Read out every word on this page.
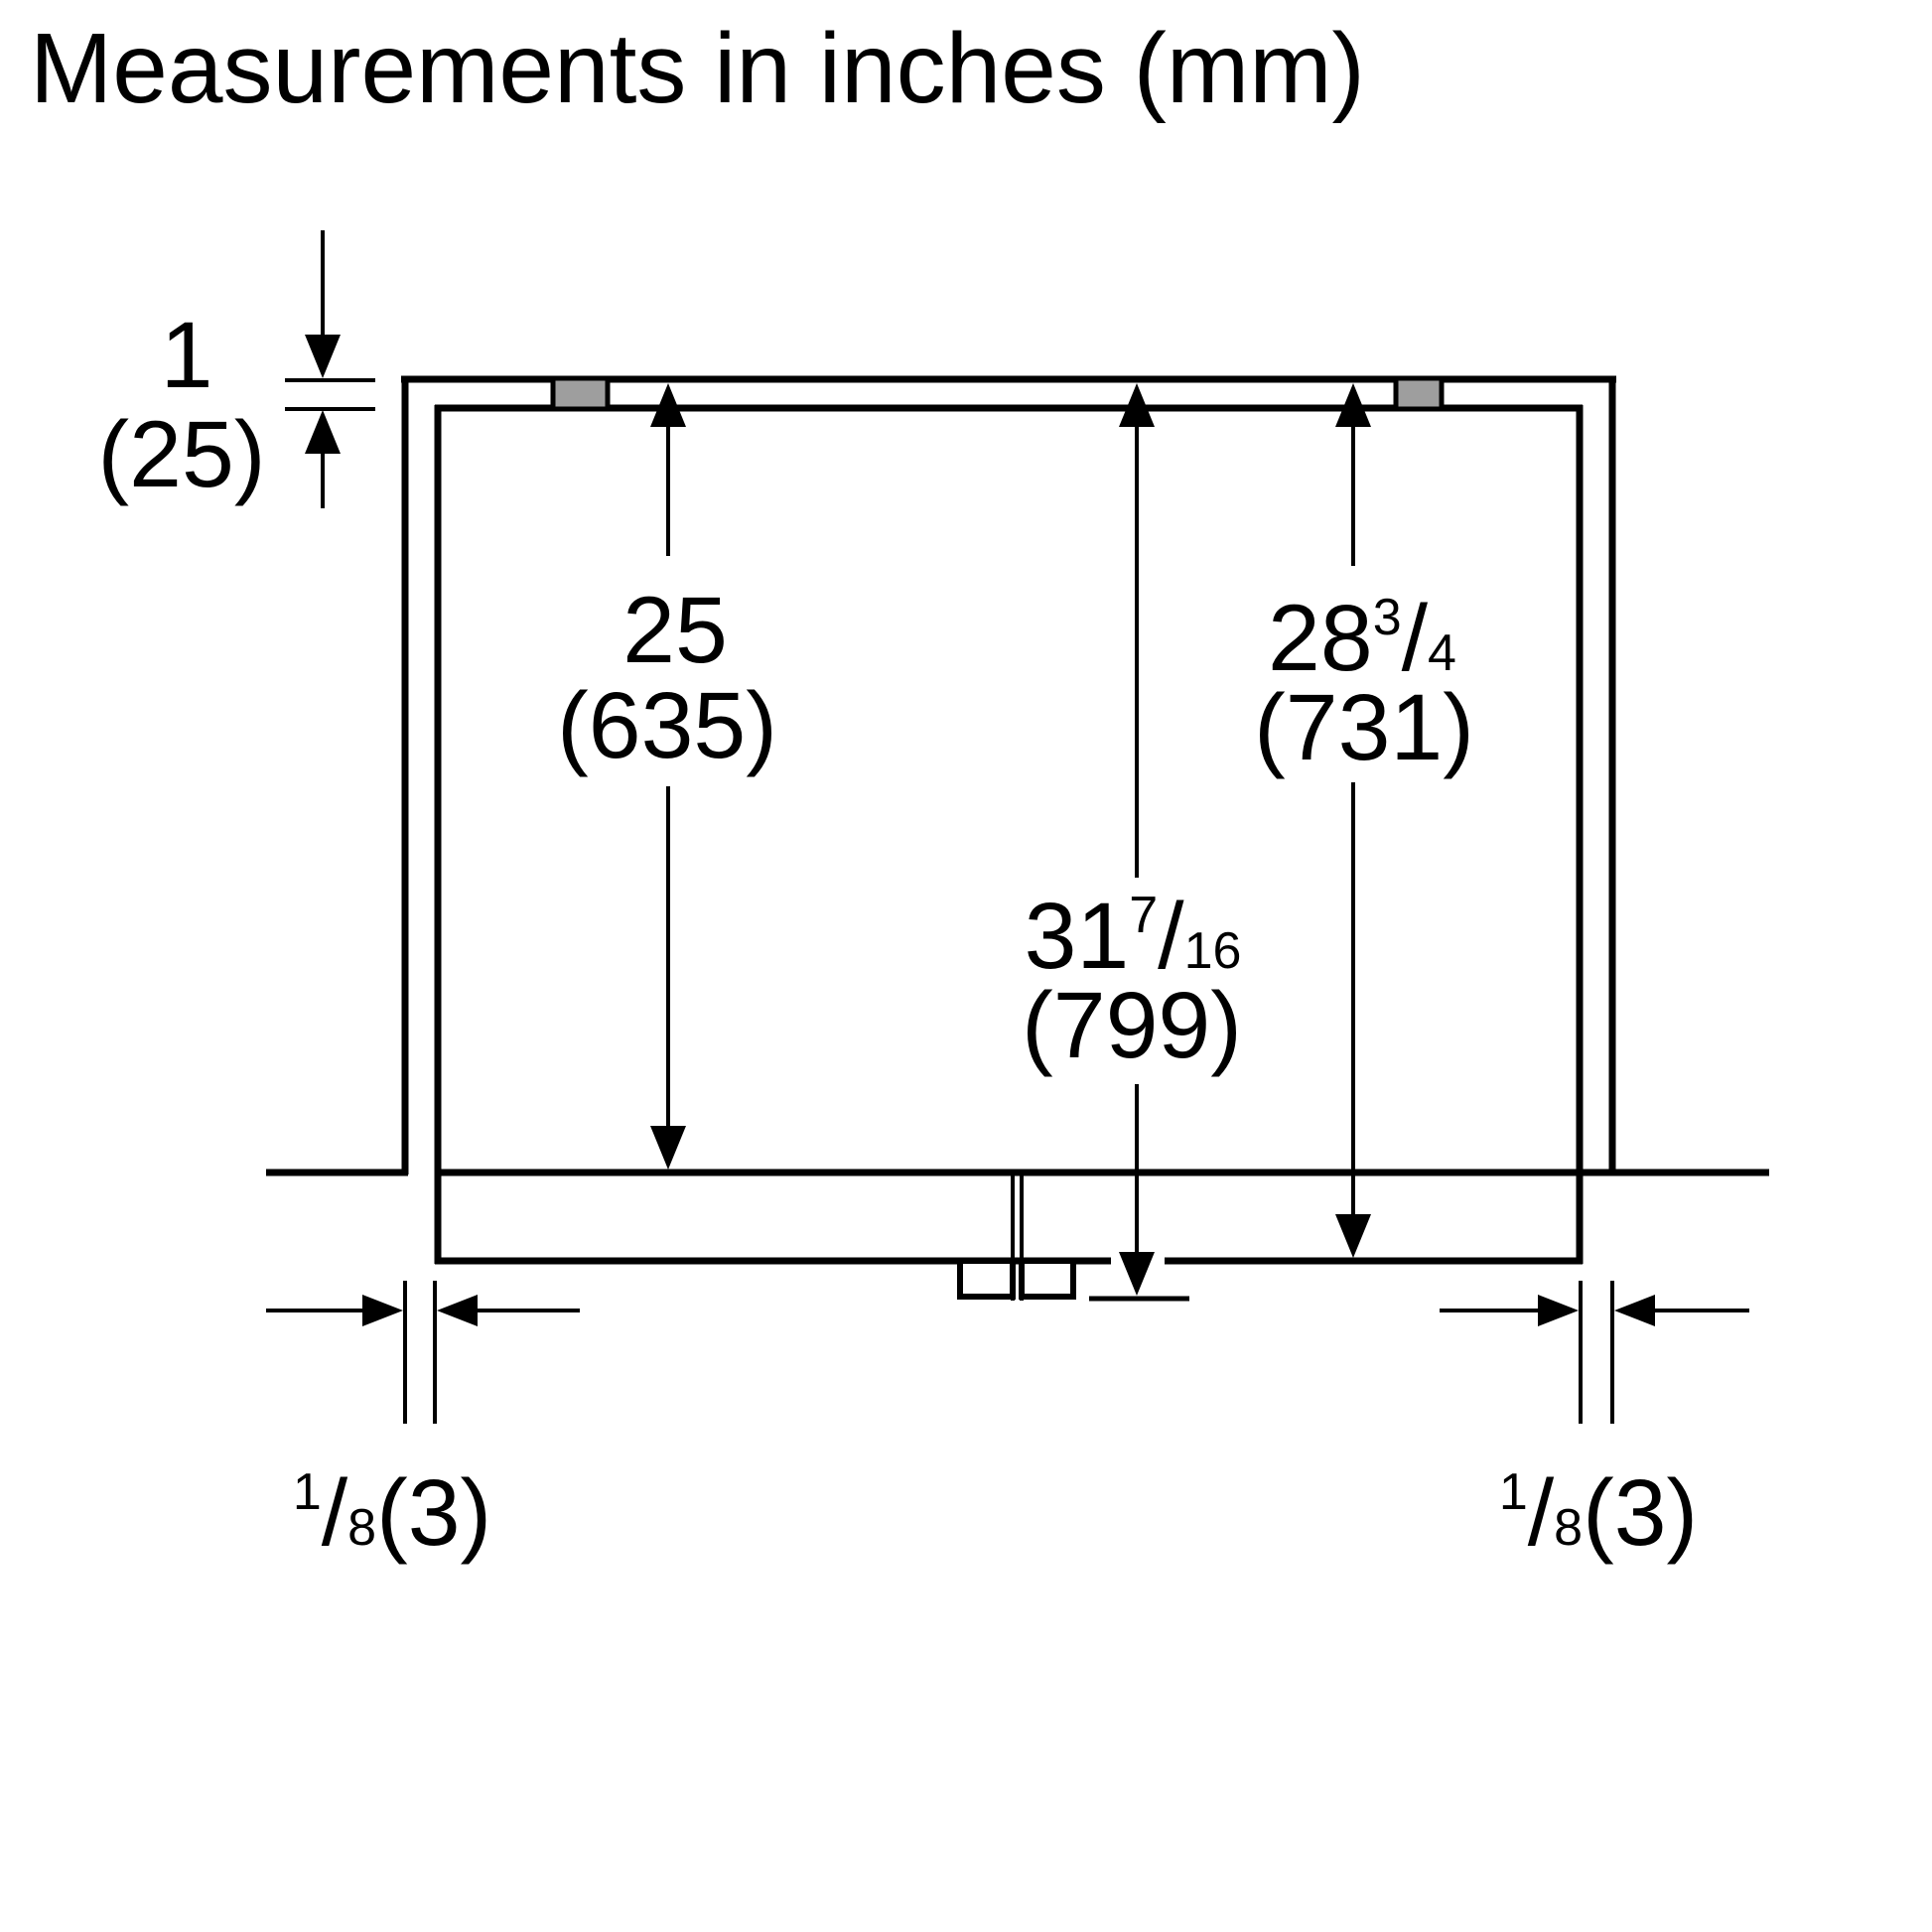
Measurements in inches (mm)
1
(25)
25
(635)
$31^7/16$
(799)
$28^3/4$
(731)
$^1$/8(3)	$^1$/8(3)
